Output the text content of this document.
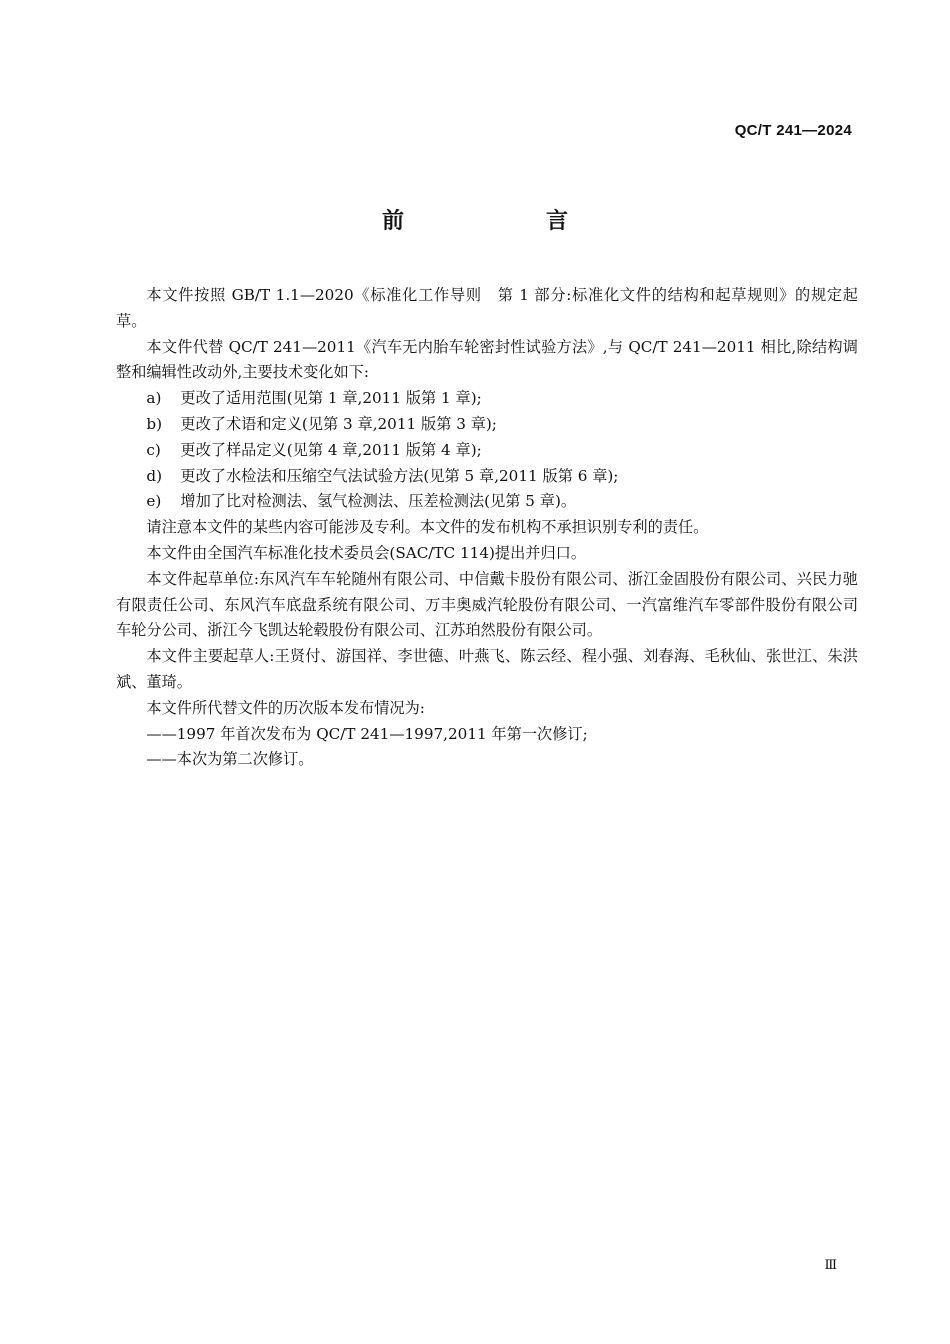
QC/T 241—2024
前　言

本文件按照 GB/T 1.1—2020《标准化工作导则　第 1 部分:标准化文件的结构和起草规则》的规定起草。

本文件代替 QC/T 241—2011《汽车无内胎车轮密封性试验方法》,与 QC/T 241—2011 相比,除结构调整和编辑性改动外,主要技术变化如下:

a) 更改了适用范围(见第 1 章,2011 版第 1 章);

b) 更改了术语和定义(见第 3 章,2011 版第 3 章);

c) 更改了样品定义(见第 4 章,2011 版第 4 章);

d) 更改了水检法和压缩空气法试验方法(见第 5 章,2011 版第 6 章);

e) 增加了比对检测法、氢气检测法、压差检测法(见第 5 章)。

请注意本文件的某些内容可能涉及专利。本文件的发布机构不承担识别专利的责任。

本文件由全国汽车标准化技术委员会(SAC/TC 114)提出并归口。

本文件起草单位:东风汽车车轮随州有限公司、中信戴卡股份有限公司、浙江金固股份有限公司、兴民力驰有限责任公司、东风汽车底盘系统有限公司、万丰奥威汽轮股份有限公司、一汽富维汽车零部件股份有限公司车轮分公司、浙江今飞凯达轮毂股份有限公司、江苏珀然股份有限公司。

本文件主要起草人:王贤付、游国祥、李世德、叶燕飞、陈云经、程小强、刘春海、毛秋仙、张世江、朱洪斌、董琦。

本文件所代替文件的历次版本发布情况为:

——1997 年首次发布为 QC/T 241—1997,2011 年第一次修订;

——本次为第二次修订。

Ⅲ
